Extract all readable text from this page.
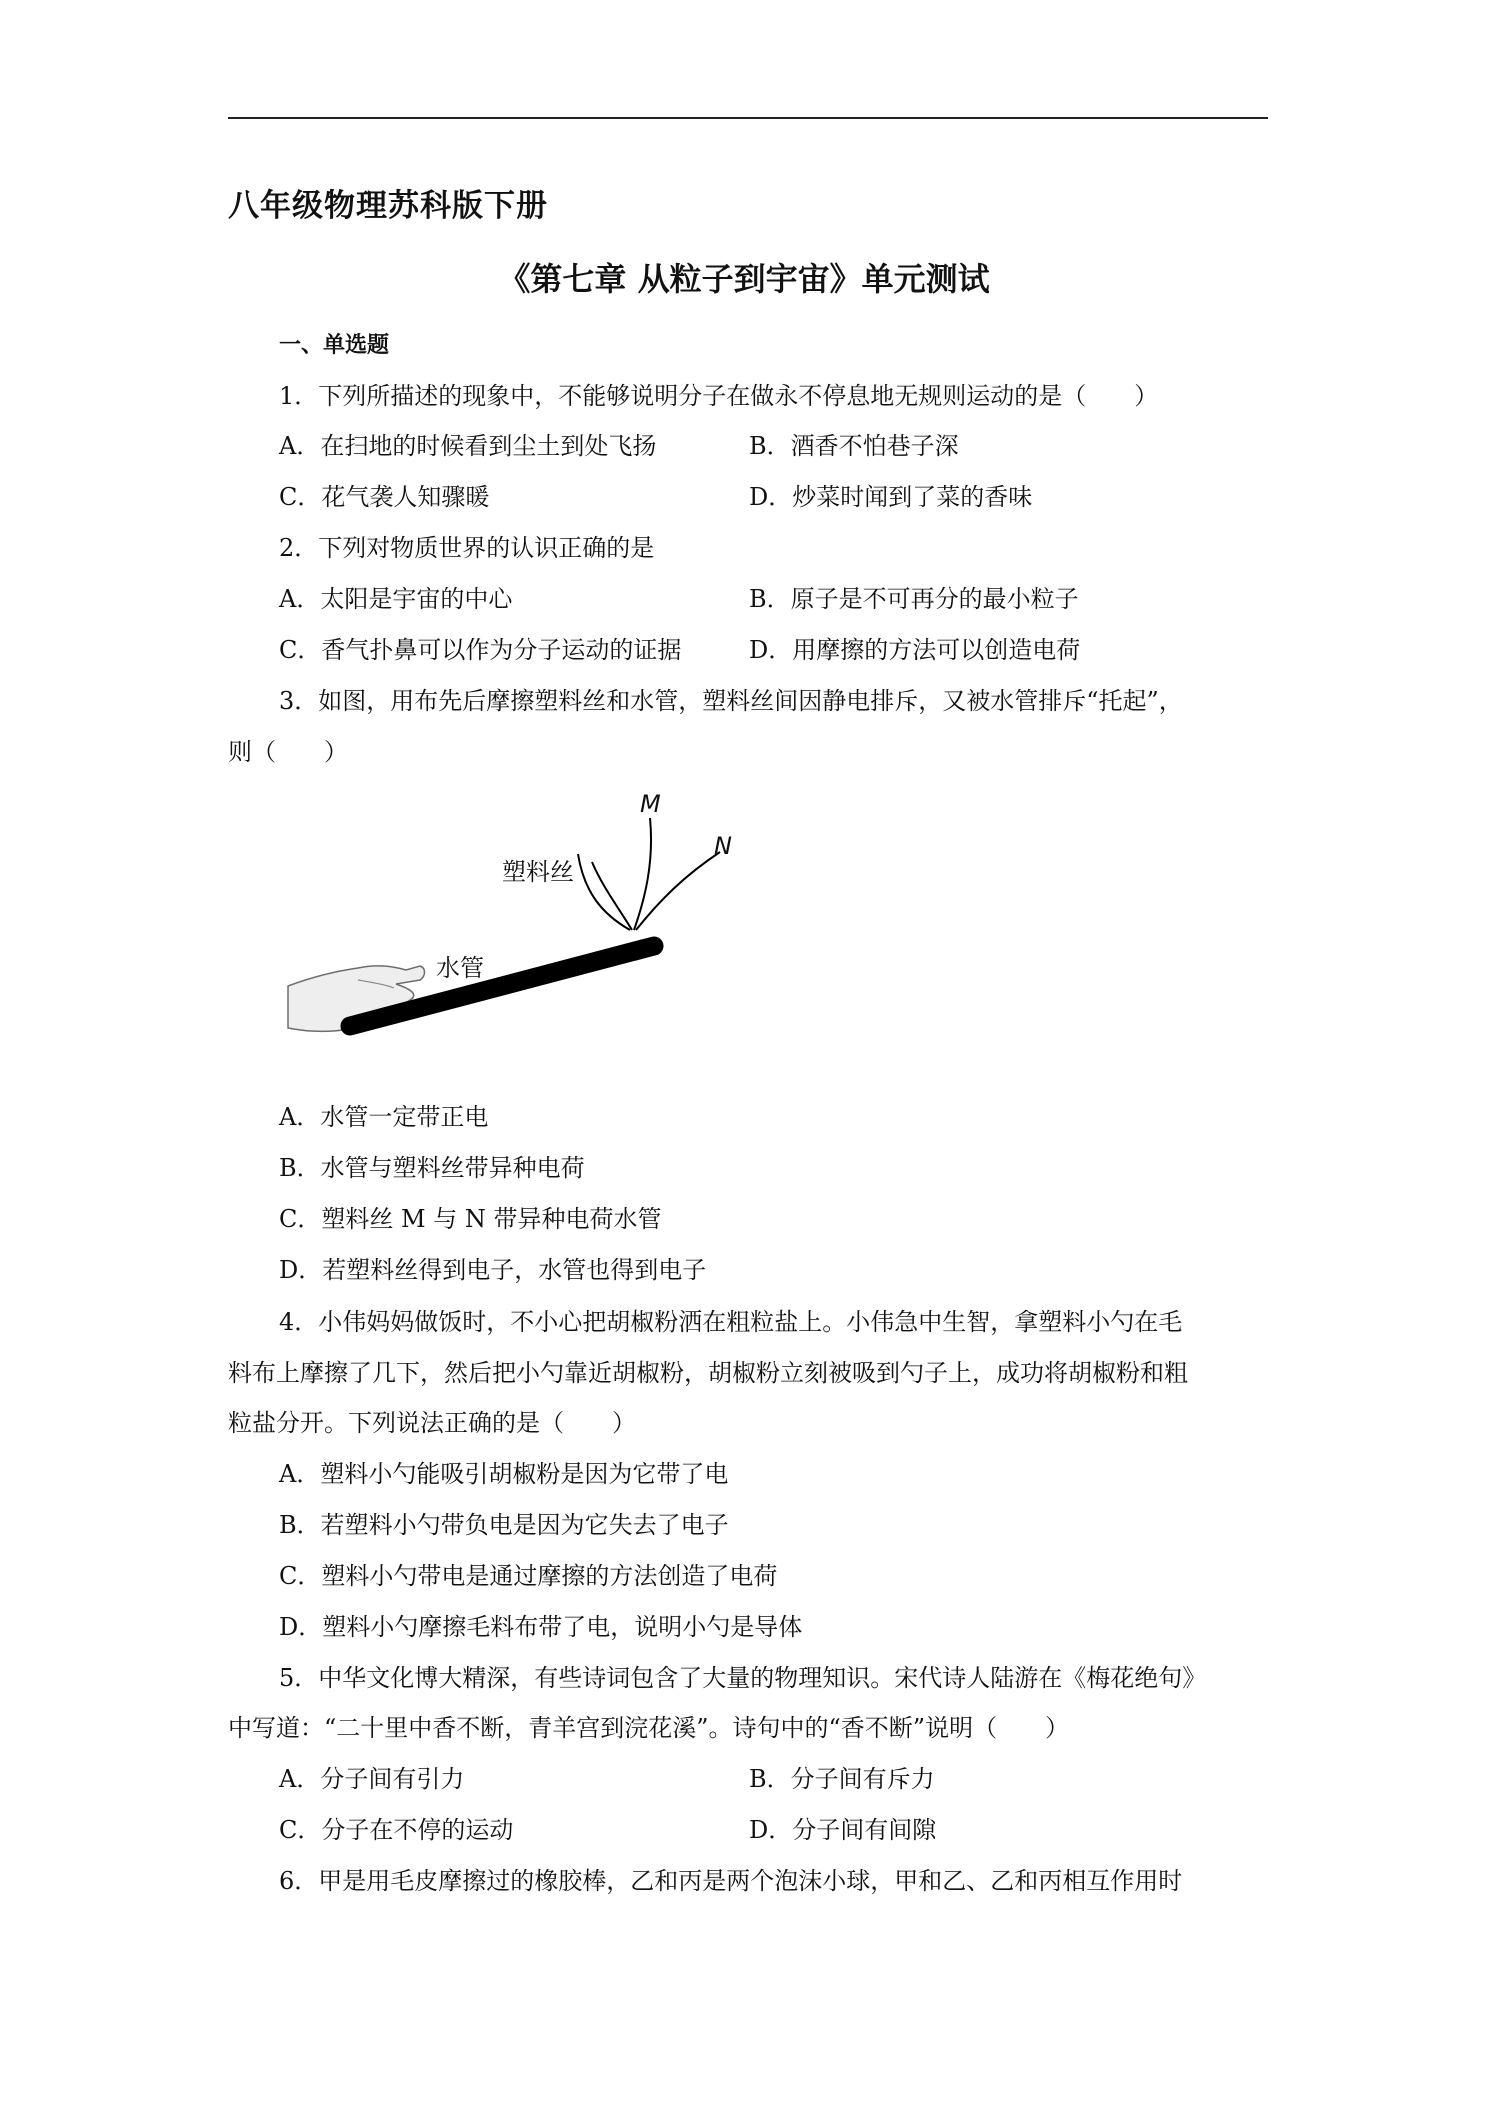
八年级物理苏科版下册
《第七章 从粒子到宇宙》单元测试
一、单选题
1．下列所描述的现象中，不能够说明分子在做永不停息地无规则运动的是（　　）
A．在扫地的时候看到尘土到处飞扬	B．酒香不怕巷子深
C．花气袭人知骤暖	D．炒菜时闻到了菜的香味
2．下列对物质世界的认识正确的是
A．太阳是宇宙的中心	B．原子是不可再分的最小粒子
C．香气扑鼻可以作为分子运动的证据	D．用摩擦的方法可以创造电荷
3．如图，用布先后摩擦塑料丝和水管，塑料丝间因静电排斥，又被水管排斥“托起”，
则（　　）
M
N
塑料丝
水管
A．水管一定带正电
B．水管与塑料丝带异种电荷
C．塑料丝 M 与 N 带异种电荷水管
D．若塑料丝得到电子，水管也得到电子
4．小伟妈妈做饭时，不小心把胡椒粉洒在粗粒盐上。小伟急中生智，拿塑料小勺在毛
料布上摩擦了几下，然后把小勺靠近胡椒粉，胡椒粉立刻被吸到勺子上，成功将胡椒粉和粗
粒盐分开。下列说法正确的是（　　）
A．塑料小勺能吸引胡椒粉是因为它带了电
B．若塑料小勺带负电是因为它失去了电子
C．塑料小勺带电是通过摩擦的方法创造了电荷
D．塑料小勺摩擦毛料布带了电，说明小勺是导体
5．中华文化博大精深，有些诗词包含了大量的物理知识。宋代诗人陆游在《梅花绝句》
中写道：“二十里中香不断，青羊宫到浣花溪”。诗句中的“香不断”说明（　　）
A．分子间有引力	B．分子间有斥力
C．分子在不停的运动	D．分子间有间隙
6．甲是用毛皮摩擦过的橡胶棒，乙和丙是两个泡沫小球，甲和乙、乙和丙相互作用时
